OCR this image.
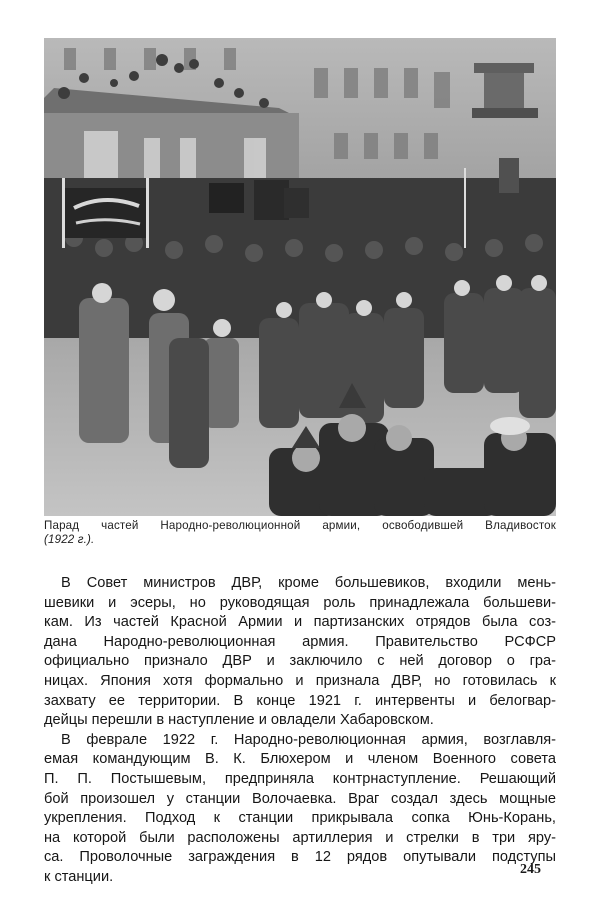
Парад частей Народно-революционной армии, освободившей Владивосток
(1922 г.).

В Совет министров ДВР, кроме большевиков, входили мень-
шевики и эсеры, но руководящая роль принадлежала большеви-
кам. Из частей Красной Армии и партизанских отрядов была соз-
дана Народно-революционная армия. Правительство РСФСР
официально признало ДВР и заключило с ней договор о гра-
ницах. Япония хотя формально и признала ДВР, но готовилась к
захвату ее территории. В конце 1921 г. интервенты и белогвар-
дейцы перешли в наступление и овладели Хабаровском.

В феврале 1922 г. Народно-революционная армия, возглавля-
емая командующим В. К. Блюхером и членом Военного совета
П. П. Постышевым, предприняла контрнаступление. Решающий
бой произошел у станции Волочаевка. Враг создал здесь мощные
укрепления. Подход к станции прикрывала сопка Юнь-Корань,
на которой были расположены артиллерия и стрелки в три яру-
са. Проволочные заграждения в 12 рядов опутывали подступы
к станции.	245
